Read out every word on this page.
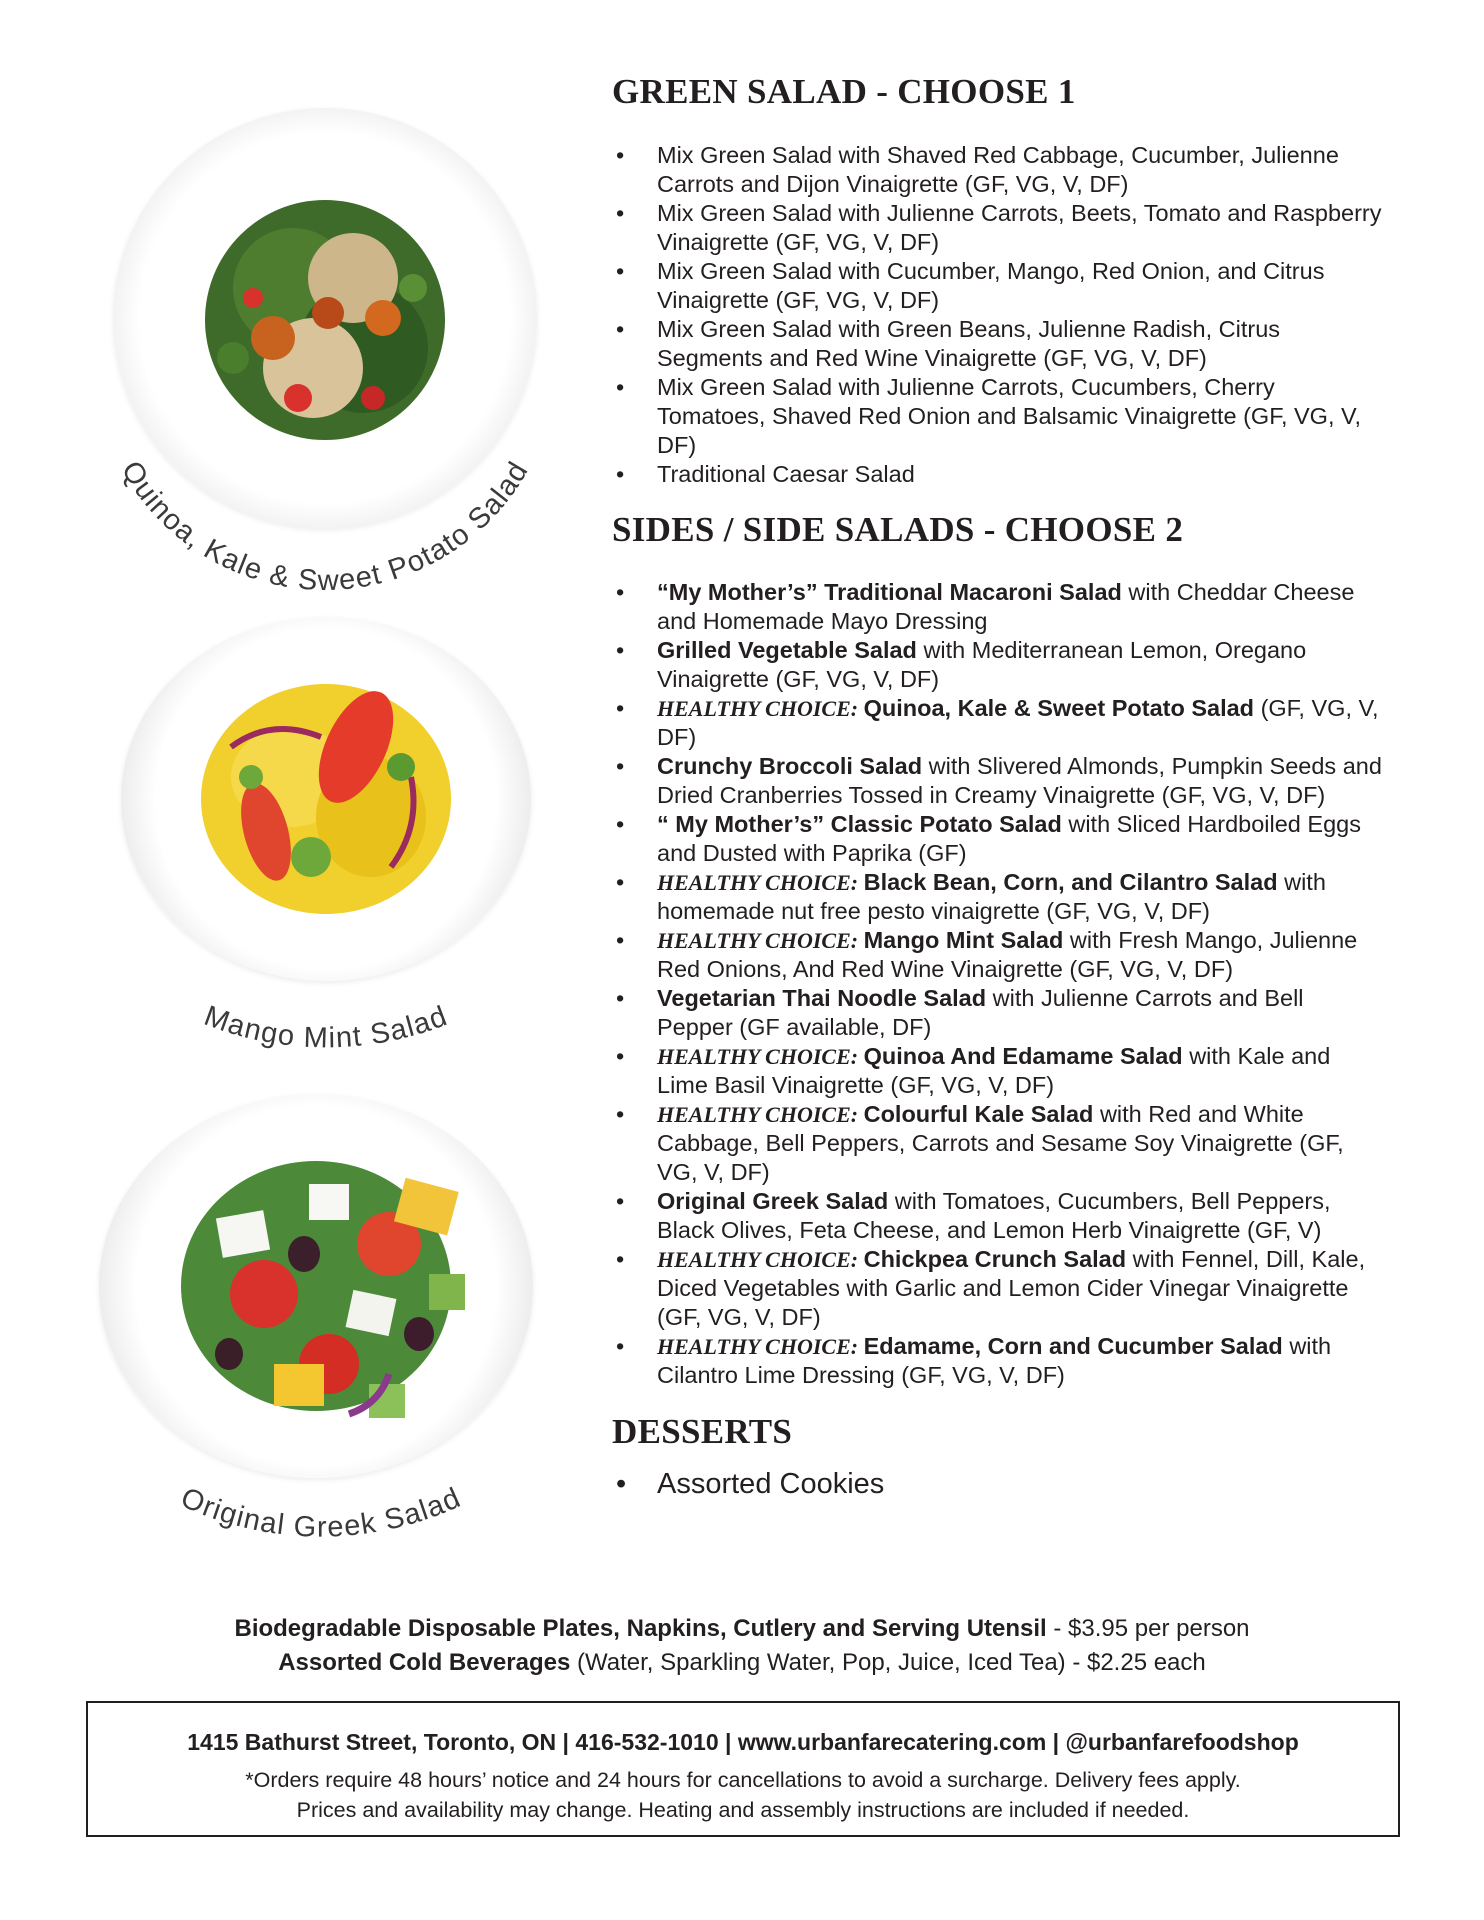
Quinoa, Kale & Sweet Potato Salad
Mango Mint Salad
Original Greek Salad
GREEN SALAD - CHOOSE 1
• Mix Green Salad with Shaved Red Cabbage, Cucumber, Julienne Carrots and Dijon Vinaigrette (GF, VG, V, DF)
• Mix Green Salad with Julienne Carrots, Beets, Tomato and Raspberry Vinaigrette (GF, VG, V, DF)
• Mix Green Salad with Cucumber, Mango, Red Onion, and Citrus Vinaigrette (GF, VG, V, DF)
• Mix Green Salad with Green Beans, Julienne Radish, Citrus Segments and Red Wine Vinaigrette (GF, VG, V, DF)
• Mix Green Salad with Julienne Carrots, Cucumbers, Cherry Tomatoes, Shaved Red Onion and Balsamic Vinaigrette (GF, VG, V, DF)
• Traditional Caesar Salad
SIDES / SIDE SALADS - CHOOSE 2
• “My Mother’s” Traditional Macaroni Salad with Cheddar Cheese and Homemade Mayo Dressing
• Grilled Vegetable Salad with Mediterranean Lemon, Oregano Vinaigrette (GF, VG, V, DF)
• HEALTHY CHOICE: Quinoa, Kale & Sweet Potato Salad (GF, VG, V, DF)
• Crunchy Broccoli Salad with Slivered Almonds, Pumpkin Seeds and Dried Cranberries Tossed in Creamy Vinaigrette (GF, VG, V, DF)
• “ My Mother’s” Classic Potato Salad with Sliced Hardboiled Eggs and Dusted with Paprika (GF)
• HEALTHY CHOICE: Black Bean, Corn, and Cilantro Salad with homemade nut free pesto vinaigrette (GF, VG, V, DF)
• HEALTHY CHOICE: Mango Mint Salad with Fresh Mango, Julienne Red Onions, And Red Wine Vinaigrette (GF, VG, V, DF)
• Vegetarian Thai Noodle Salad with Julienne Carrots and Bell Pepper (GF available, DF)
• HEALTHY CHOICE: Quinoa And Edamame Salad with Kale and Lime Basil Vinaigrette (GF, VG, V, DF)
• HEALTHY CHOICE: Colourful Kale Salad with Red and White Cabbage, Bell Peppers, Carrots and Sesame Soy Vinaigrette (GF, VG, V, DF)
• Original Greek Salad with Tomatoes, Cucumbers, Bell Peppers, Black Olives, Feta Cheese, and Lemon Herb Vinaigrette (GF, V)
• HEALTHY CHOICE: Chickpea Crunch Salad with Fennel, Dill, Kale, Diced Vegetables with Garlic and Lemon Cider Vinegar Vinaigrette (GF, VG, V, DF)
• HEALTHY CHOICE: Edamame, Corn and Cucumber Salad with Cilantro Lime Dressing (GF, VG, V, DF)
DESSERTS
• Assorted Cookies
Biodegradable Disposable Plates, Napkins, Cutlery and Serving Utensil - $3.95 per person
Assorted Cold Beverages (Water, Sparkling Water, Pop, Juice, Iced Tea) - $2.25 each
1415 Bathurst Street, Toronto, ON | 416-532-1010 | www.urbanfarecatering.com | @urbanfarefoodshop
*Orders require 48 hours’ notice and 24 hours for cancellations to avoid a surcharge. Delivery fees apply.
Prices and availability may change. Heating and assembly instructions are included if needed.
